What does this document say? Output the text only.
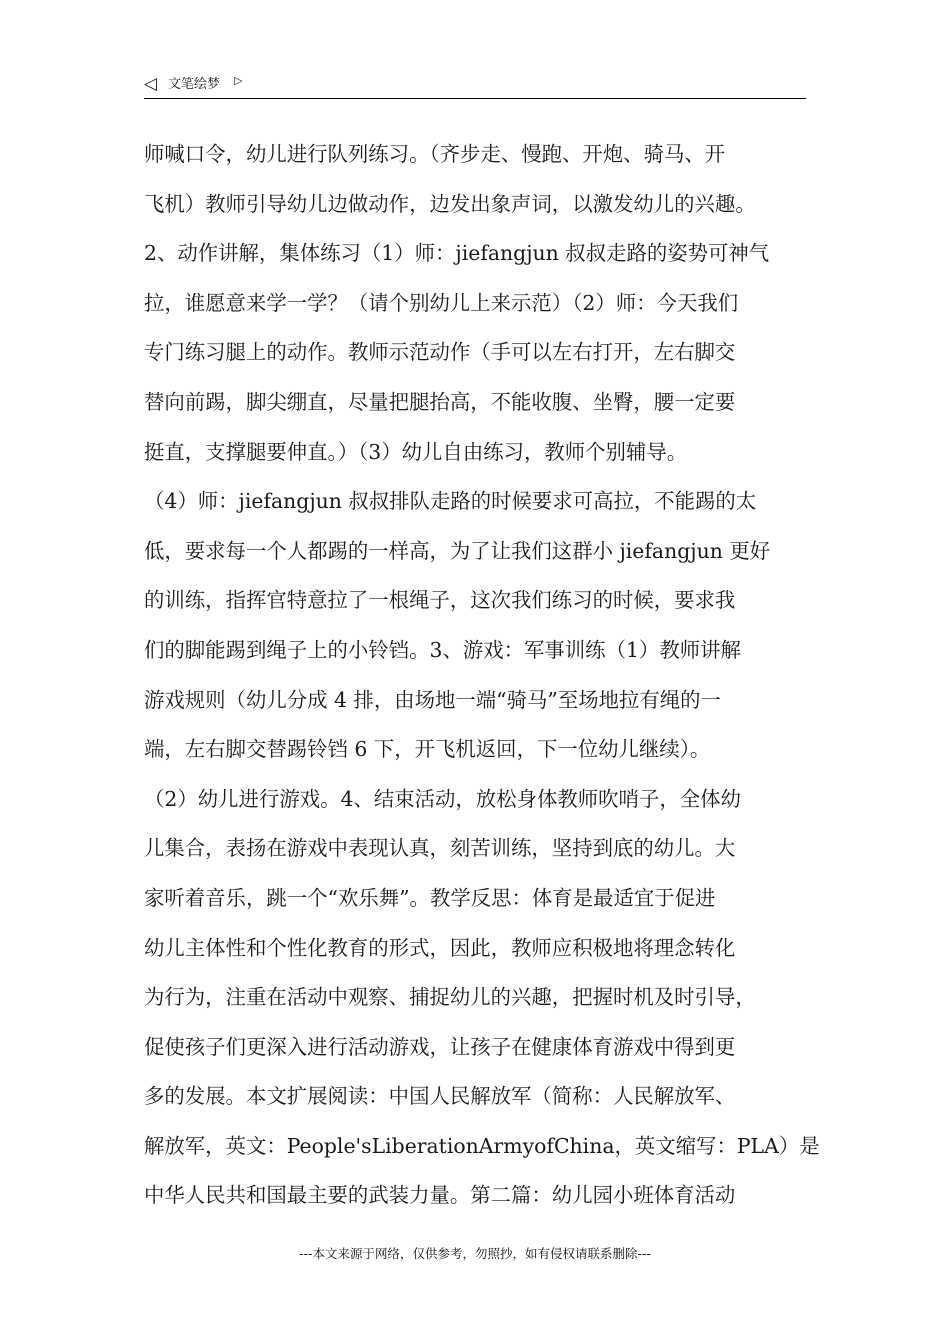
◁ 文笔绘梦 ▷
师喊口令，幼儿进行队列练习。（齐步走、慢跑、开炮、骑马、开
飞机）教师引导幼儿边做动作，边发出象声词，以激发幼儿的兴趣。
2、动作讲解，集体练习（1）师：jiefangjun 叔叔走路的姿势可神气
拉，谁愿意来学一学？（请个别幼儿上来示范）（2）师：今天我们
专门练习腿上的动作。教师示范动作（手可以左右打开，左右脚交
替向前踢，脚尖绷直，尽量把腿抬高，不能收腹、坐臀，腰一定要
挺直，支撑腿要伸直。）（3）幼儿自由练习，教师个别辅导。
（4）师：jiefangjun 叔叔排队走路的时候要求可高拉，不能踢的太
低，要求每一个人都踢的一样高，为了让我们这群小 jiefangjun 更好
的训练，指挥官特意拉了一根绳子，这次我们练习的时候，要求我
们的脚能踢到绳子上的小铃铛。3、游戏：军事训练（1）教师讲解
游戏规则（幼儿分成 4 排，由场地一端“骑马”至场地拉有绳的一
端，左右脚交替踢铃铛 6 下，开飞机返回，下一位幼儿继续）。
（2）幼儿进行游戏。4、结束活动，放松身体教师吹哨子，全体幼
儿集合，表扬在游戏中表现认真，刻苦训练，坚持到底的幼儿。大
家听着音乐，跳一个“欢乐舞”。教学反思：体育是最适宜于促进
幼儿主体性和个性化教育的形式，因此，教师应积极地将理念转化
为行为，注重在活动中观察、捕捉幼儿的兴趣，把握时机及时引导，
促使孩子们更深入进行活动游戏，让孩子在健康体育游戏中得到更
多的发展。本文扩展阅读：中国人民解放军（简称：人民解放军、
解放军，英文：People'sLiberationArmyofChina，英文缩写：PLA）是
中华人民共和国最主要的武装力量。第二篇：幼儿园小班体育活动
---本文来源于网络，仅供参考，勿照抄，如有侵权请联系删除---
